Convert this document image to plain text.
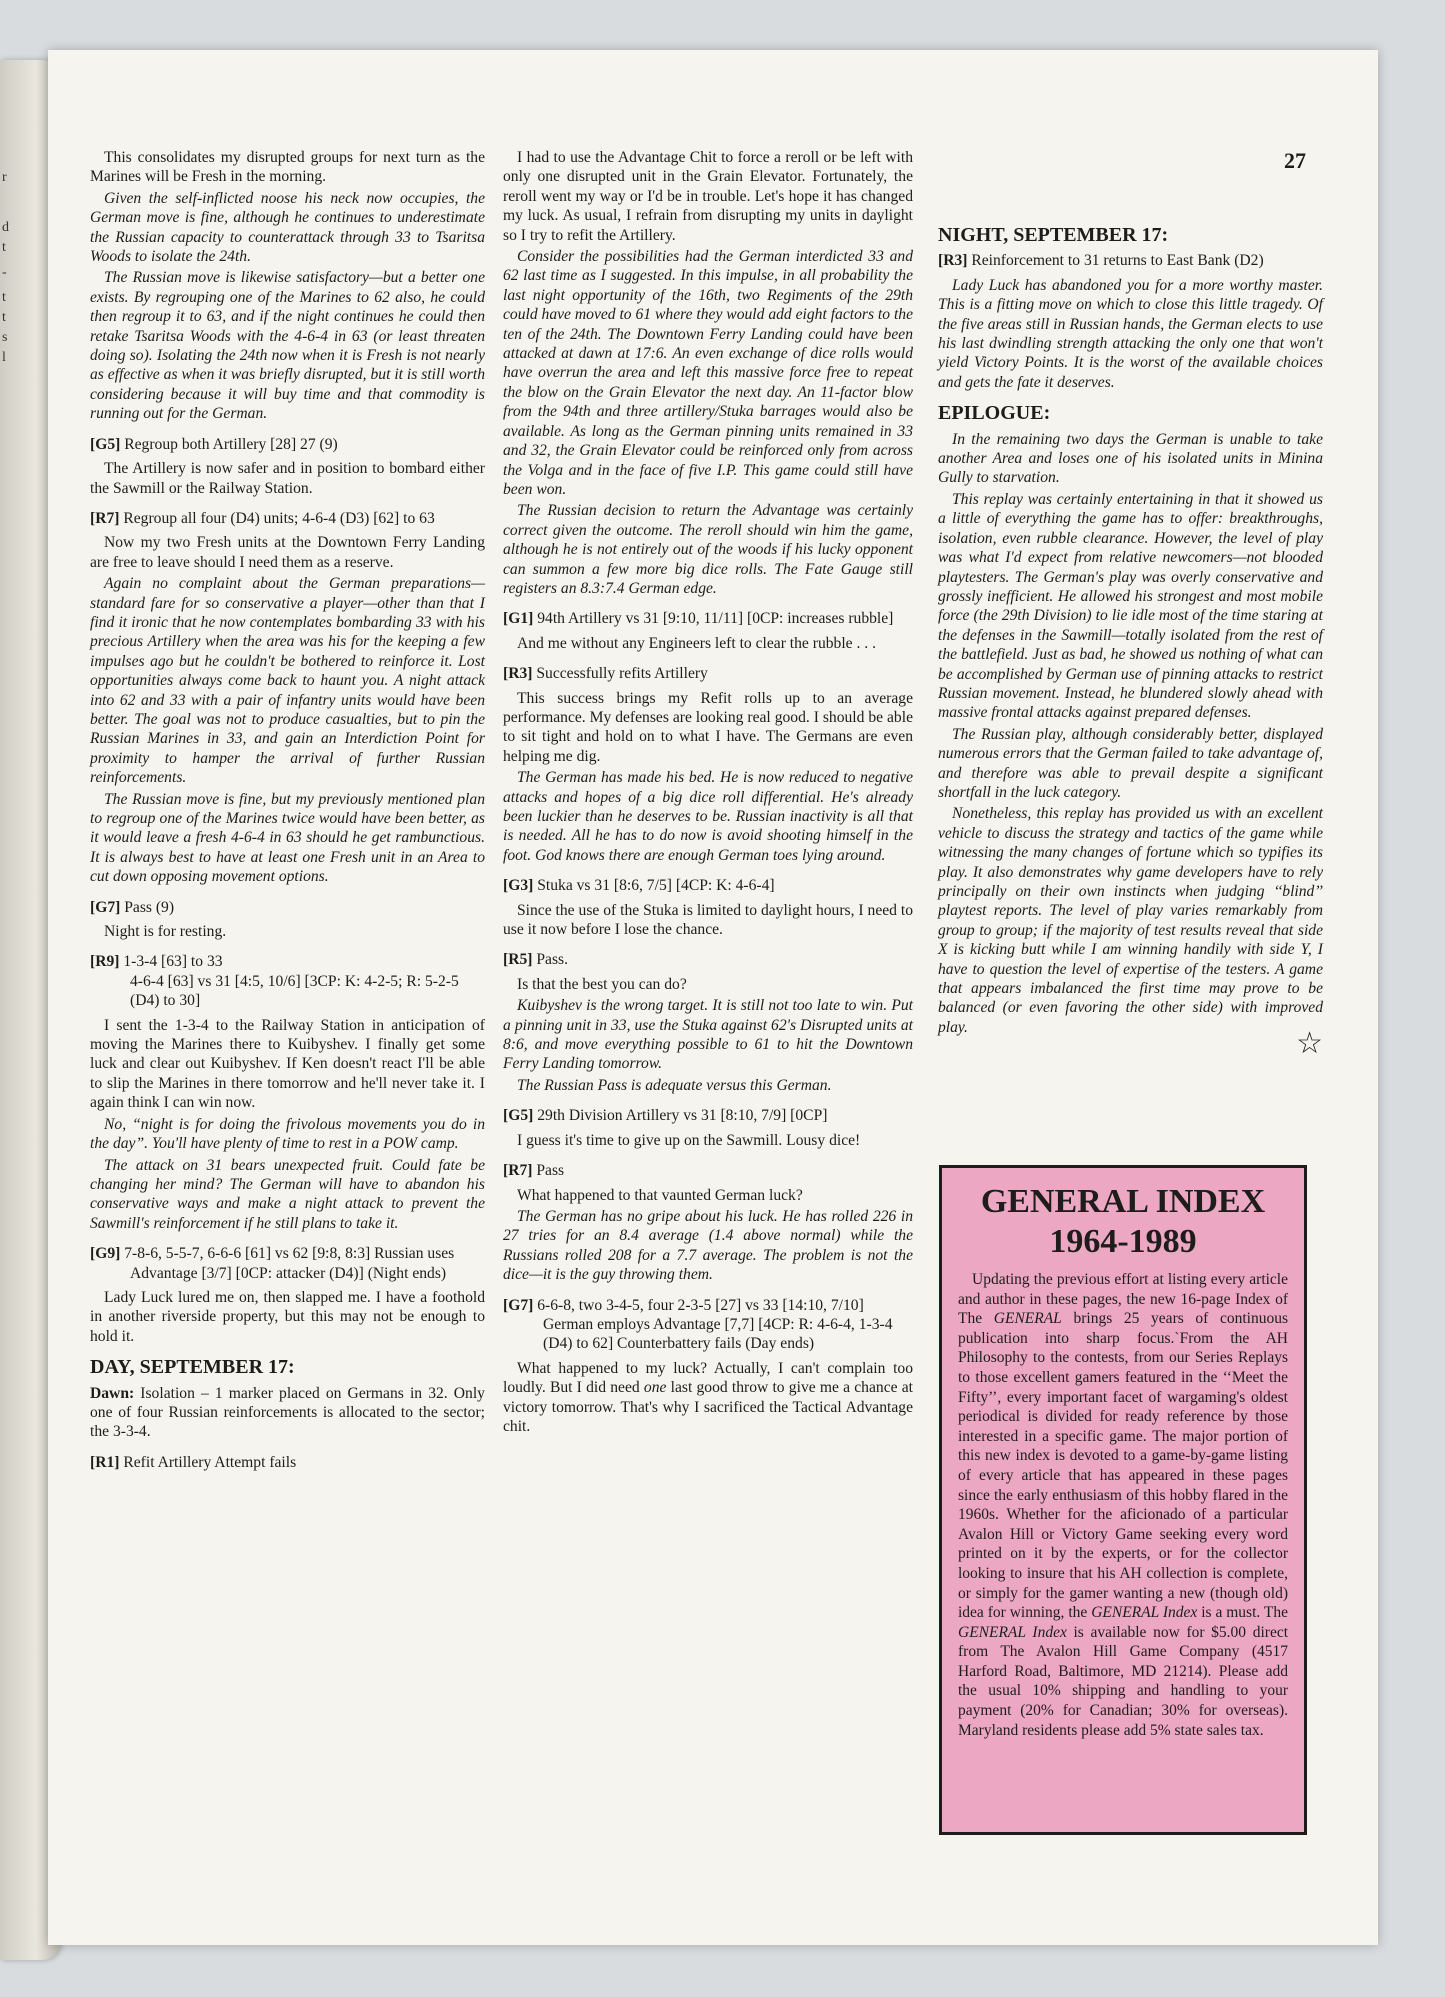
r
d
t
-
t
t
s
l
27

This consolidates my disrupted groups for next turn as the Marines will be Fresh in the morning.

Given the self-inflicted noose his neck now occupies, the German move is fine, although he continues to underestimate the Russian capacity to counterattack through 33 to Tsaritsa Woods to isolate the 24th.

The Russian move is likewise satisfactory—but a better one exists. By regrouping one of the Marines to 62 also, he could then regroup it to 63, and if the night continues he could then retake Tsaritsa Woods with the 4-6-4 in 63 (or least threaten doing so). Isolating the 24th now when it is Fresh is not nearly as effective as when it was briefly disrupted, but it is still worth considering because it will buy time and that commodity is running out for the German.

[G5] Regroup both Artillery [28] 27 (9)

The Artillery is now safer and in position to bombard either the Sawmill or the Railway Station.

[R7] Regroup all four (D4) units; 4-6-4 (D3) [62] to 63

Now my two Fresh units at the Downtown Ferry Landing are free to leave should I need them as a reserve.

Again no complaint about the German preparations—standard fare for so conservative a player—other than that I find it ironic that he now contemplates bombarding 33 with his precious Artillery when the area was his for the keeping a few impulses ago but he couldn't be bothered to reinforce it. Lost opportunities always come back to haunt you. A night attack into 62 and 33 with a pair of infantry units would have been better. The goal was not to produce casualties, but to pin the Russian Marines in 33, and gain an Interdiction Point for proximity to hamper the arrival of further Russian reinforcements.

The Russian move is fine, but my previously mentioned plan to regroup one of the Marines twice would have been better, as it would leave a fresh 4-6-4 in 63 should he get rambunctious. It is always best to have at least one Fresh unit in an Area to cut down opposing movement options.

[G7] Pass (9)

Night is for resting.

[R9] 1-3-4 [63] to 33
4-6-4 [63] vs 31 [4:5, 10/6] [3CP: K: 4-2-5; R: 5-2-5 (D4) to 30]

I sent the 1-3-4 to the Railway Station in anticipation of moving the Marines there to Kuibyshev. I finally get some luck and clear out Kuibyshev. If Ken doesn't react I'll be able to slip the Marines in there tomorrow and he'll never take it. I again think I can win now.

No, “night is for doing the frivolous movements you do in the day”. You'll have plenty of time to rest in a POW camp.

The attack on 31 bears unexpected fruit. Could fate be changing her mind? The German will have to abandon his conservative ways and make a night attack to prevent the Sawmill's reinforcement if he still plans to take it.

[G9] 7-8-6, 5-5-7, 6-6-6 [61] vs 62 [9:8, 8:3] Russian uses Advantage [3/7] [0CP: attacker (D4)] (Night ends)

Lady Luck lured me on, then slapped me. I have a foothold in another riverside property, but this may not be enough to hold it.

DAY, SEPTEMBER 17:

Dawn: Isolation – 1 marker placed on Germans in 32. Only one of four Russian reinforcements is allocated to the sector; the 3-3-4.

[R1] Refit Artillery Attempt fails

I had to use the Advantage Chit to force a reroll or be left with only one disrupted unit in the Grain Elevator. Fortunately, the reroll went my way or I'd be in trouble. Let's hope it has changed my luck. As usual, I refrain from disrupting my units in daylight so I try to refit the Artillery.

Consider the possibilities had the German interdicted 33 and 62 last time as I suggested. In this impulse, in all probability the last night opportunity of the 16th, two Regiments of the 29th could have moved to 61 where they would add eight factors to the ten of the 24th. The Downtown Ferry Landing could have been attacked at dawn at 17:6. An even exchange of dice rolls would have overrun the area and left this massive force free to repeat the blow on the Grain Elevator the next day. An 11-factor blow from the 94th and three artillery/Stuka barrages would also be available. As long as the German pinning units remained in 33 and 32, the Grain Elevator could be reinforced only from across the Volga and in the face of five I.P. This game could still have been won.

The Russian decision to return the Advantage was certainly correct given the outcome. The reroll should win him the game, although he is not entirely out of the woods if his lucky opponent can summon a few more big dice rolls. The Fate Gauge still registers an 8.3:7.4 German edge.

[G1] 94th Artillery vs 31 [9:10, 11/11] [0CP: increases rubble]

And me without any Engineers left to clear the rubble . . .

[R3] Successfully refits Artillery

This success brings my Refit rolls up to an average performance. My defenses are looking real good. I should be able to sit tight and hold on to what I have. The Germans are even helping me dig.

The German has made his bed. He is now reduced to negative attacks and hopes of a big dice roll differential. He's already been luckier than he deserves to be. Russian inactivity is all that is needed. All he has to do now is avoid shooting himself in the foot. God knows there are enough German toes lying around.

[G3] Stuka vs 31 [8:6, 7/5] [4CP: K: 4-6-4]

Since the use of the Stuka is limited to daylight hours, I need to use it now before I lose the chance.

[R5] Pass.

Is that the best you can do?

Kuibyshev is the wrong target. It is still not too late to win. Put a pinning unit in 33, use the Stuka against 62's Disrupted units at 8:6, and move everything possible to 61 to hit the Downtown Ferry Landing tomorrow.

The Russian Pass is adequate versus this German.

[G5] 29th Division Artillery vs 31 [8:10, 7/9] [0CP]

I guess it's time to give up on the Sawmill. Lousy dice!

[R7] Pass

What happened to that vaunted German luck?

The German has no gripe about his luck. He has rolled 226 in 27 tries for an 8.4 average (1.4 above normal) while the Russians rolled 208 for a 7.7 average. The problem is not the dice—it is the guy throwing them.

[G7] 6-6-8, two 3-4-5, four 2-3-5 [27] vs 33 [14:10, 7/10] German employs Advantage [7,7] [4CP: R: 4-6-4, 1-3-4 (D4) to 62] Counterbattery fails (Day ends)

What happened to my luck? Actually, I can't complain too loudly. But I did need one last good throw to give me a chance at victory tomorrow. That's why I sacrificed the Tactical Advantage chit.

NIGHT, SEPTEMBER 17:
[R3] Reinforcement to 31 returns to East Bank (D2)

Lady Luck has abandoned you for a more worthy master. This is a fitting move on which to close this little tragedy. Of the five areas still in Russian hands, the German elects to use his last dwindling strength attacking the only one that won't yield Victory Points. It is the worst of the available choices and gets the fate it deserves.

EPILOGUE:

In the remaining two days the German is unable to take another Area and loses one of his isolated units in Minina Gully to starvation.

This replay was certainly entertaining in that it showed us a little of everything the game has to offer: breakthroughs, isolation, even rubble clearance. However, the level of play was what I'd expect from relative newcomers—not blooded playtesters. The German's play was overly conservative and grossly inefficient. He allowed his strongest and most mobile force (the 29th Division) to lie idle most of the time staring at the defenses in the Sawmill—totally isolated from the rest of the battlefield. Just as bad, he showed us nothing of what can be accomplished by German use of pinning attacks to restrict Russian movement. Instead, he blundered slowly ahead with massive frontal attacks against prepared defenses.

The Russian play, although considerably better, displayed numerous errors that the German failed to take advantage of, and therefore was able to prevail despite a significant shortfall in the luck category.

Nonetheless, this replay has provided us with an excellent vehicle to discuss the strategy and tactics of the game while witnessing the many changes of fortune which so typifies its play. It also demonstrates why game developers have to rely principally on their own instincts when judging ‘‘blind’’ playtest reports. The level of play varies remarkably from group to group; if the majority of test results reveal that side X is kicking butt while I am winning handily with side Y, I have to question the level of expertise of the testers. A game that appears imbalanced the first time may prove to be balanced (or even favoring the other side) with improved play.	☆
GENERAL INDEX
1964-1989

Updating the previous effort at listing every article and author in these pages, the new 16-page Index of The GENERAL brings 25 years of continuous publication into sharp focus.`From the AH Philosophy to the contests, from our Series Replays to those excellent gamers featured in the ‘‘Meet the Fifty’’, every important facet of wargaming's oldest periodical is divided for ready reference by those interested in a specific game. The major portion of this new index is devoted to a game-by-game listing of every article that has appeared in these pages since the early enthusiasm of this hobby flared in the 1960s. Whether for the aficionado of a particular Avalon Hill or Victory Game seeking every word printed on it by the experts, or for the collector looking to insure that his AH collection is complete, or simply for the gamer wanting a new (though old) idea for winning, the GENERAL Index is a must. The GENERAL Index is available now for $5.00 direct from The Avalon Hill Game Company (4517 Harford Road, Baltimore, MD 21214). Please add the usual 10% shipping and handling to your payment (20% for Canadian; 30% for overseas). Maryland residents please add 5% state sales tax.
